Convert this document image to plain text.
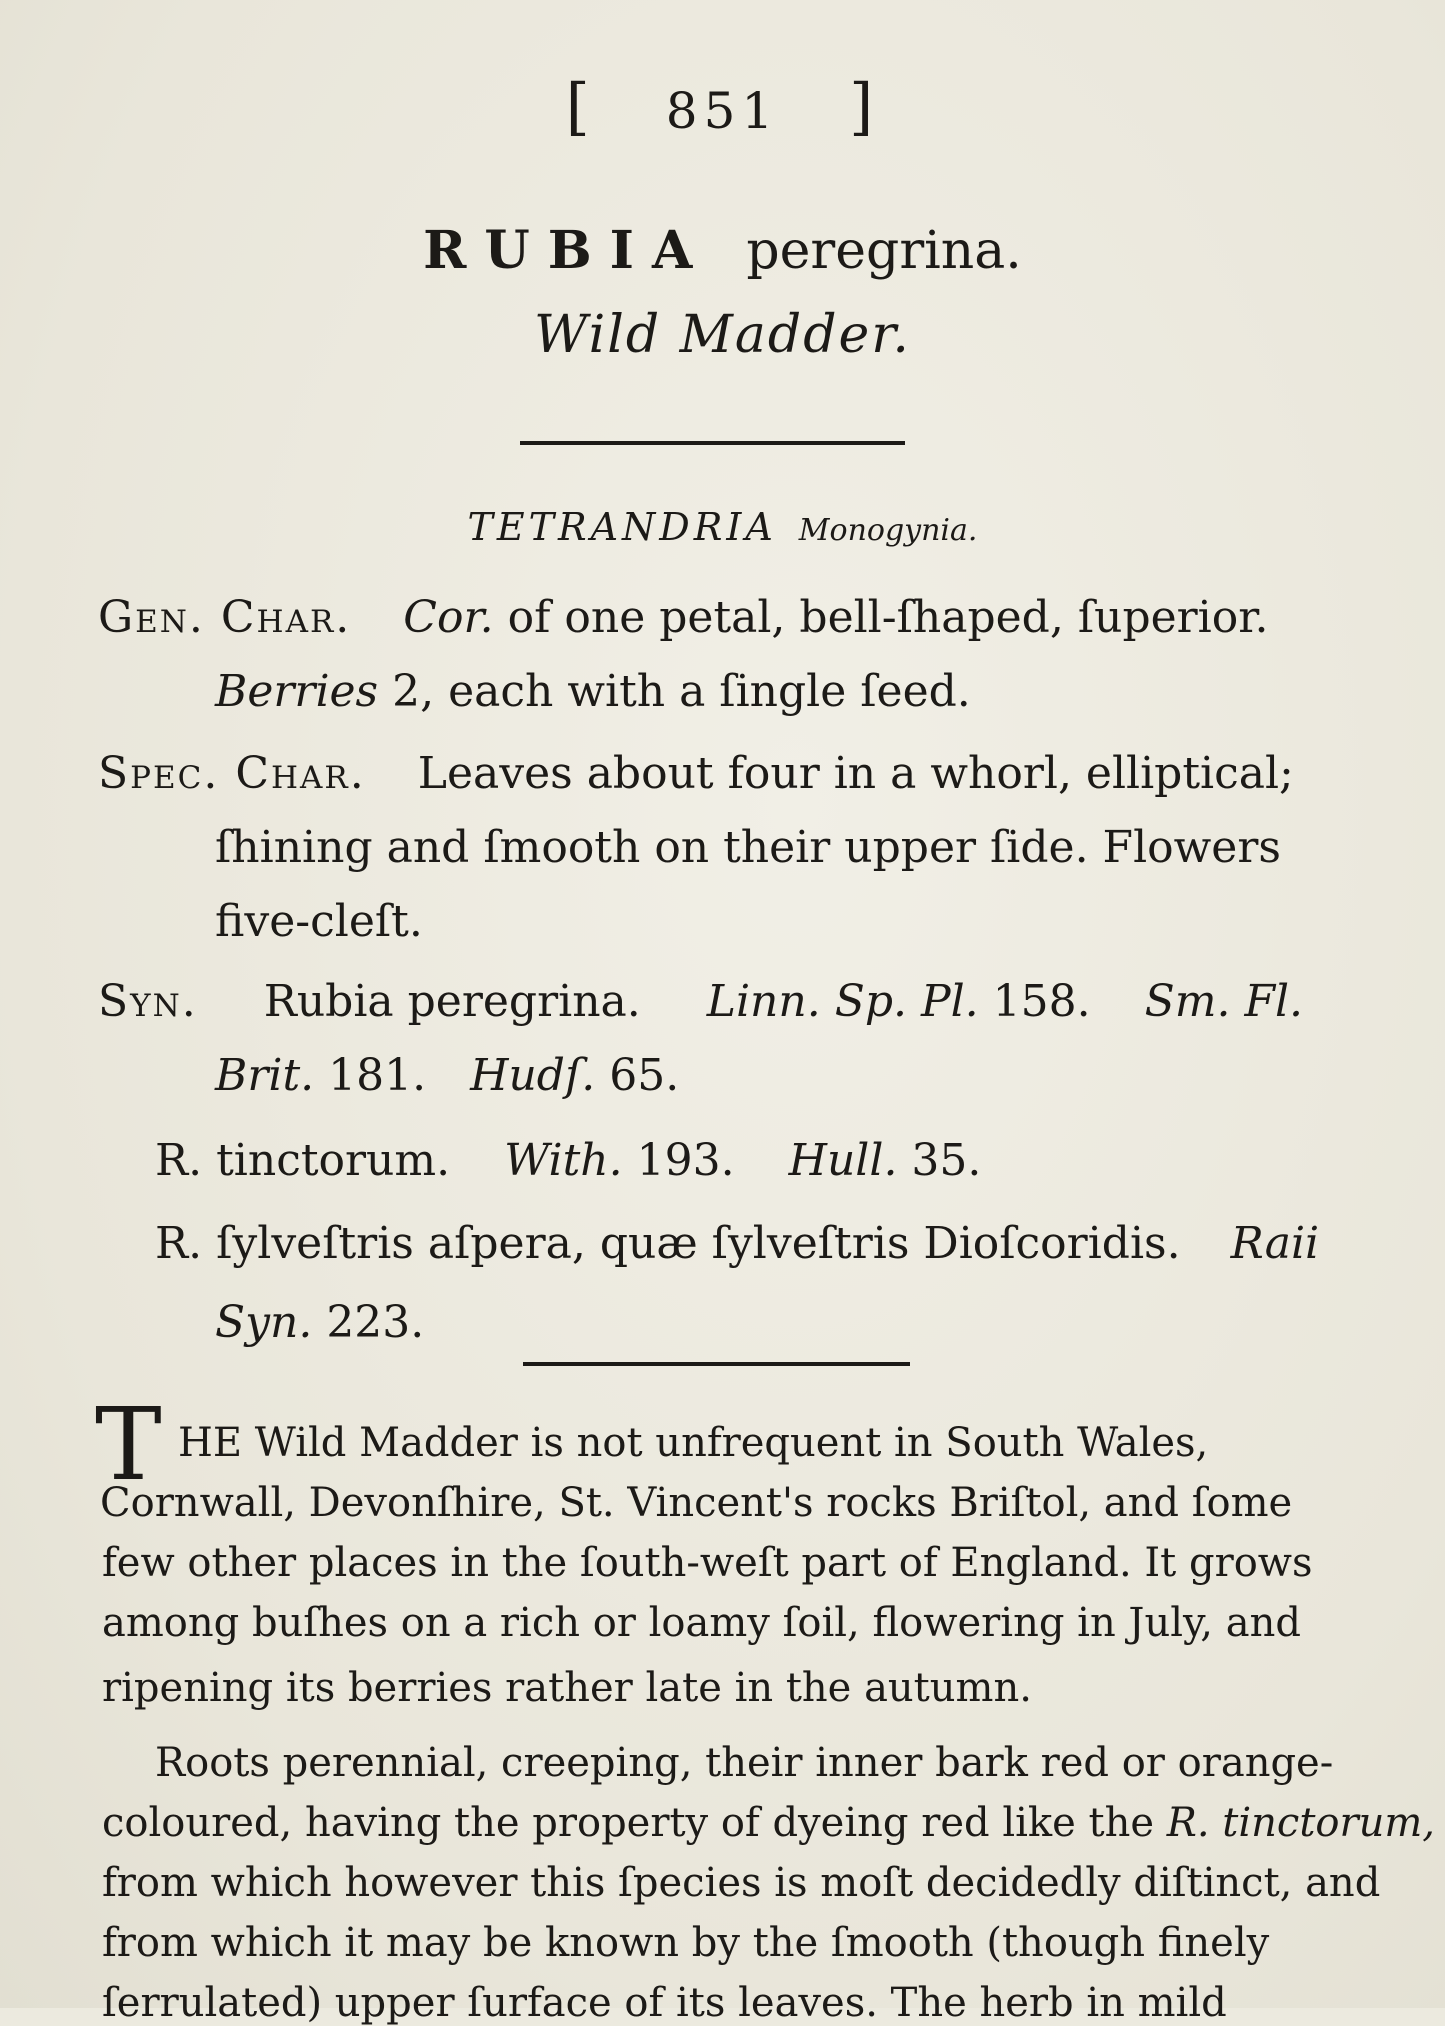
[ 851 ]
RUBIA peregrina.
Wild Madder.
TETRANDRIA Monogynia.
Gen. Char. Cor. of one petal, bell-ſhaped, ſuperior.
Berries 2, each with a ſingle ſeed.
Spec. Char. Leaves about four in a whorl, elliptical;
ſhining and ſmooth on their upper ſide. Flowers
five-cleſt.
Syn. Rubia peregrina. Linn. Sp. Pl. 158. Sm. Fl.
Brit. 181. Hudſ. 65.
R. tinctorum. With. 193. Hull. 35.
R. ſylveſtris aſpera, quæ ſylveſtris Dioſcoridis. Raii
Syn. 223.
T HE Wild Madder is not unfrequent in South Wales,
Cornwall, Devonſhire, St. Vincent's rocks Briſtol, and ſome
few other places in the ſouth-weſt part of England. It grows
among buſhes on a rich or loamy ſoil, flowering in July, and
ripening its berries rather late in the autumn.
Roots perennial, creeping, their inner bark red or orange-
coloured, having the property of dyeing red like the R. tinctorum,
from which however this ſpecies is moſt decidedly diſtinct, and
from which it may be known by the ſmooth (though finely
ſerrulated) upper ſurface of its leaves. The herb in mild
